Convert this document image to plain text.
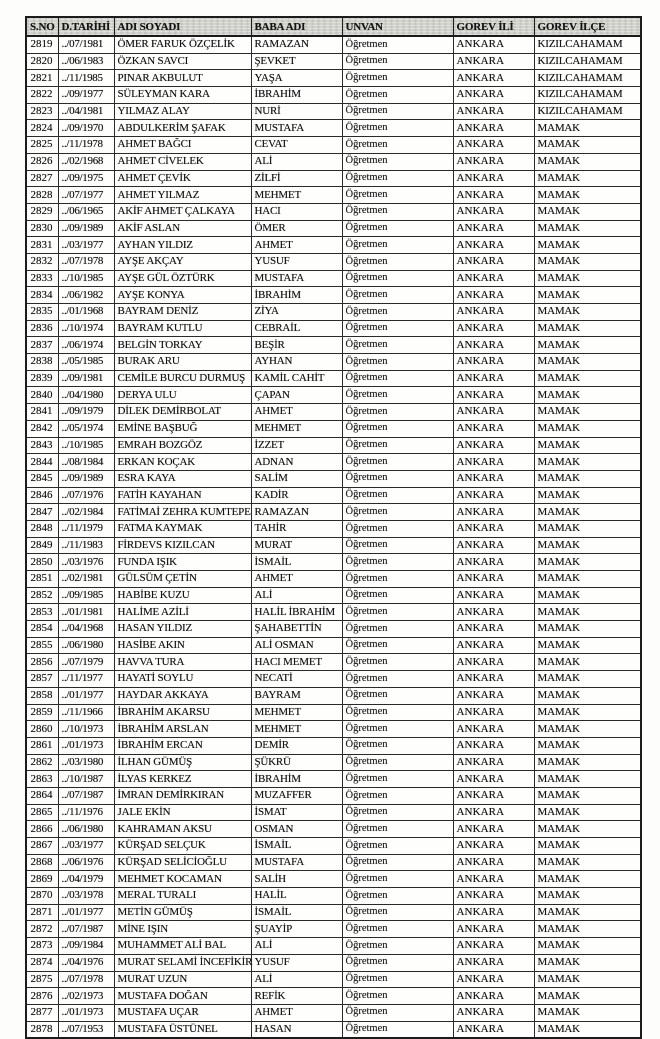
S.NO	D.TARİHİ	ADI SOYADI	BABA ADI	UNVAN	GOREV İLİ	GOREV İLÇE
2819	../07/1981	ÖMER FARUK ÖZÇELİK	RAMAZAN	Öğretmen	ANKARA	KIZILCAHAMAM
2820	../06/1983	ÖZKAN SAVCI	ŞEVKET	Öğretmen	ANKARA	KIZILCAHAMAM
2821	../11/1985	PINAR AKBULUT	YAŞA	Öğretmen	ANKARA	KIZILCAHAMAM
2822	../09/1977	SÜLEYMAN KARA	İBRAHİM	Öğretmen	ANKARA	KIZILCAHAMAM
2823	../04/1981	YILMAZ ALAY	NURİ	Öğretmen	ANKARA	KIZILCAHAMAM
2824	../09/1970	ABDULKERİM ŞAFAK	MUSTAFA	Öğretmen	ANKARA	MAMAK
2825	../11/1978	AHMET BAĞCI	CEVAT	Öğretmen	ANKARA	MAMAK
2826	../02/1968	AHMET CİVELEK	ALİ	Öğretmen	ANKARA	MAMAK
2827	../09/1975	AHMET ÇEVİK	ZİLFİ	Öğretmen	ANKARA	MAMAK
2828	../07/1977	AHMET YILMAZ	MEHMET	Öğretmen	ANKARA	MAMAK
2829	../06/1965	AKİF AHMET ÇALKAYA	HACI	Öğretmen	ANKARA	MAMAK
2830	../09/1989	AKİF ASLAN	ÖMER	Öğretmen	ANKARA	MAMAK
2831	../03/1977	AYHAN YILDIZ	AHMET	Öğretmen	ANKARA	MAMAK
2832	../07/1978	AYŞE AKÇAY	YUSUF	Öğretmen	ANKARA	MAMAK
2833	../10/1985	AYŞE GÜL ÖZTÜRK	MUSTAFA	Öğretmen	ANKARA	MAMAK
2834	../06/1982	AYŞE KONYA	İBRAHİM	Öğretmen	ANKARA	MAMAK
2835	../01/1968	BAYRAM DENİZ	ZİYA	Öğretmen	ANKARA	MAMAK
2836	../10/1974	BAYRAM KUTLU	CEBRAİL	Öğretmen	ANKARA	MAMAK
2837	../06/1974	BELGİN TORKAY	BEŞİR	Öğretmen	ANKARA	MAMAK
2838	../05/1985	BURAK ARU	AYHAN	Öğretmen	ANKARA	MAMAK
2839	../09/1981	CEMİLE BURCU DURMUŞ	KAMİL CAHİT	Öğretmen	ANKARA	MAMAK
2840	../04/1980	DERYA ULU	ÇAPAN	Öğretmen	ANKARA	MAMAK
2841	../09/1979	DİLEK DEMİRBOLAT	AHMET	Öğretmen	ANKARA	MAMAK
2842	../05/1974	EMİNE BAŞBUĞ	MEHMET	Öğretmen	ANKARA	MAMAK
2843	../10/1985	EMRAH BOZGÖZ	İZZET	Öğretmen	ANKARA	MAMAK
2844	../08/1984	ERKAN KOÇAK	ADNAN	Öğretmen	ANKARA	MAMAK
2845	../09/1989	ESRA KAYA	SALİM	Öğretmen	ANKARA	MAMAK
2846	../07/1976	FATİH KAYAHAN	KADİR	Öğretmen	ANKARA	MAMAK
2847	../02/1984	FATİMAİ ZEHRA KUMTEPE	RAMAZAN	Öğretmen	ANKARA	MAMAK
2848	../11/1979	FATMA KAYMAK	TAHİR	Öğretmen	ANKARA	MAMAK
2849	../11/1983	FİRDEVS KIZILCAN	MURAT	Öğretmen	ANKARA	MAMAK
2850	../03/1976	FUNDA IŞIK	İSMAİL	Öğretmen	ANKARA	MAMAK
2851	../02/1981	GÜLSÜM ÇETİN	AHMET	Öğretmen	ANKARA	MAMAK
2852	../09/1985	HABİBE KUZU	ALİ	Öğretmen	ANKARA	MAMAK
2853	../01/1981	HALİME AZİLİ	HALİL İBRAHİM	Öğretmen	ANKARA	MAMAK
2854	../04/1968	HASAN YILDIZ	ŞAHABETTİN	Öğretmen	ANKARA	MAMAK
2855	../06/1980	HASİBE AKIN	ALİ OSMAN	Öğretmen	ANKARA	MAMAK
2856	../07/1979	HAVVA TURA	HACI MEMET	Öğretmen	ANKARA	MAMAK
2857	../11/1977	HAYATİ SOYLU	NECATİ	Öğretmen	ANKARA	MAMAK
2858	../01/1977	HAYDAR AKKAYA	BAYRAM	Öğretmen	ANKARA	MAMAK
2859	../11/1966	İBRAHİM AKARSU	MEHMET	Öğretmen	ANKARA	MAMAK
2860	../10/1973	İBRAHİM ARSLAN	MEHMET	Öğretmen	ANKARA	MAMAK
2861	../01/1973	İBRAHİM ERCAN	DEMİR	Öğretmen	ANKARA	MAMAK
2862	../03/1980	İLHAN GÜMÜŞ	ŞÜKRÜ	Öğretmen	ANKARA	MAMAK
2863	../10/1987	İLYAS KERKEZ	İBRAHİM	Öğretmen	ANKARA	MAMAK
2864	../07/1987	İMRAN DEMİRKIRAN	MUZAFFER	Öğretmen	ANKARA	MAMAK
2865	../11/1976	JALE EKİN	İSMAT	Öğretmen	ANKARA	MAMAK
2866	../06/1980	KAHRAMAN AKSU	OSMAN	Öğretmen	ANKARA	MAMAK
2867	../03/1977	KÜRŞAD SELÇUK	İSMAİL	Öğretmen	ANKARA	MAMAK
2868	../06/1976	KÜRŞAD SELİCİOĞLU	MUSTAFA	Öğretmen	ANKARA	MAMAK
2869	../04/1979	MEHMET KOCAMAN	SALİH	Öğretmen	ANKARA	MAMAK
2870	../03/1978	MERAL TURALI	HALİL	Öğretmen	ANKARA	MAMAK
2871	../01/1977	METİN GÜMÜŞ	İSMAİL	Öğretmen	ANKARA	MAMAK
2872	../07/1987	MİNE IŞIN	ŞUAYİP	Öğretmen	ANKARA	MAMAK
2873	../09/1984	MUHAMMET ALİ BAL	ALİ	Öğretmen	ANKARA	MAMAK
2874	../04/1976	MURAT SELAMİ İNCEFİKİR	YUSUF	Öğretmen	ANKARA	MAMAK
2875	../07/1978	MURAT UZUN	ALİ	Öğretmen	ANKARA	MAMAK
2876	../02/1973	MUSTAFA DOĞAN	REFİK	Öğretmen	ANKARA	MAMAK
2877	../01/1973	MUSTAFA UÇAR	AHMET	Öğretmen	ANKARA	MAMAK
2878	../07/1953	MUSTAFA ÜSTÜNEL	HASAN	Öğretmen	ANKARA	MAMAK
